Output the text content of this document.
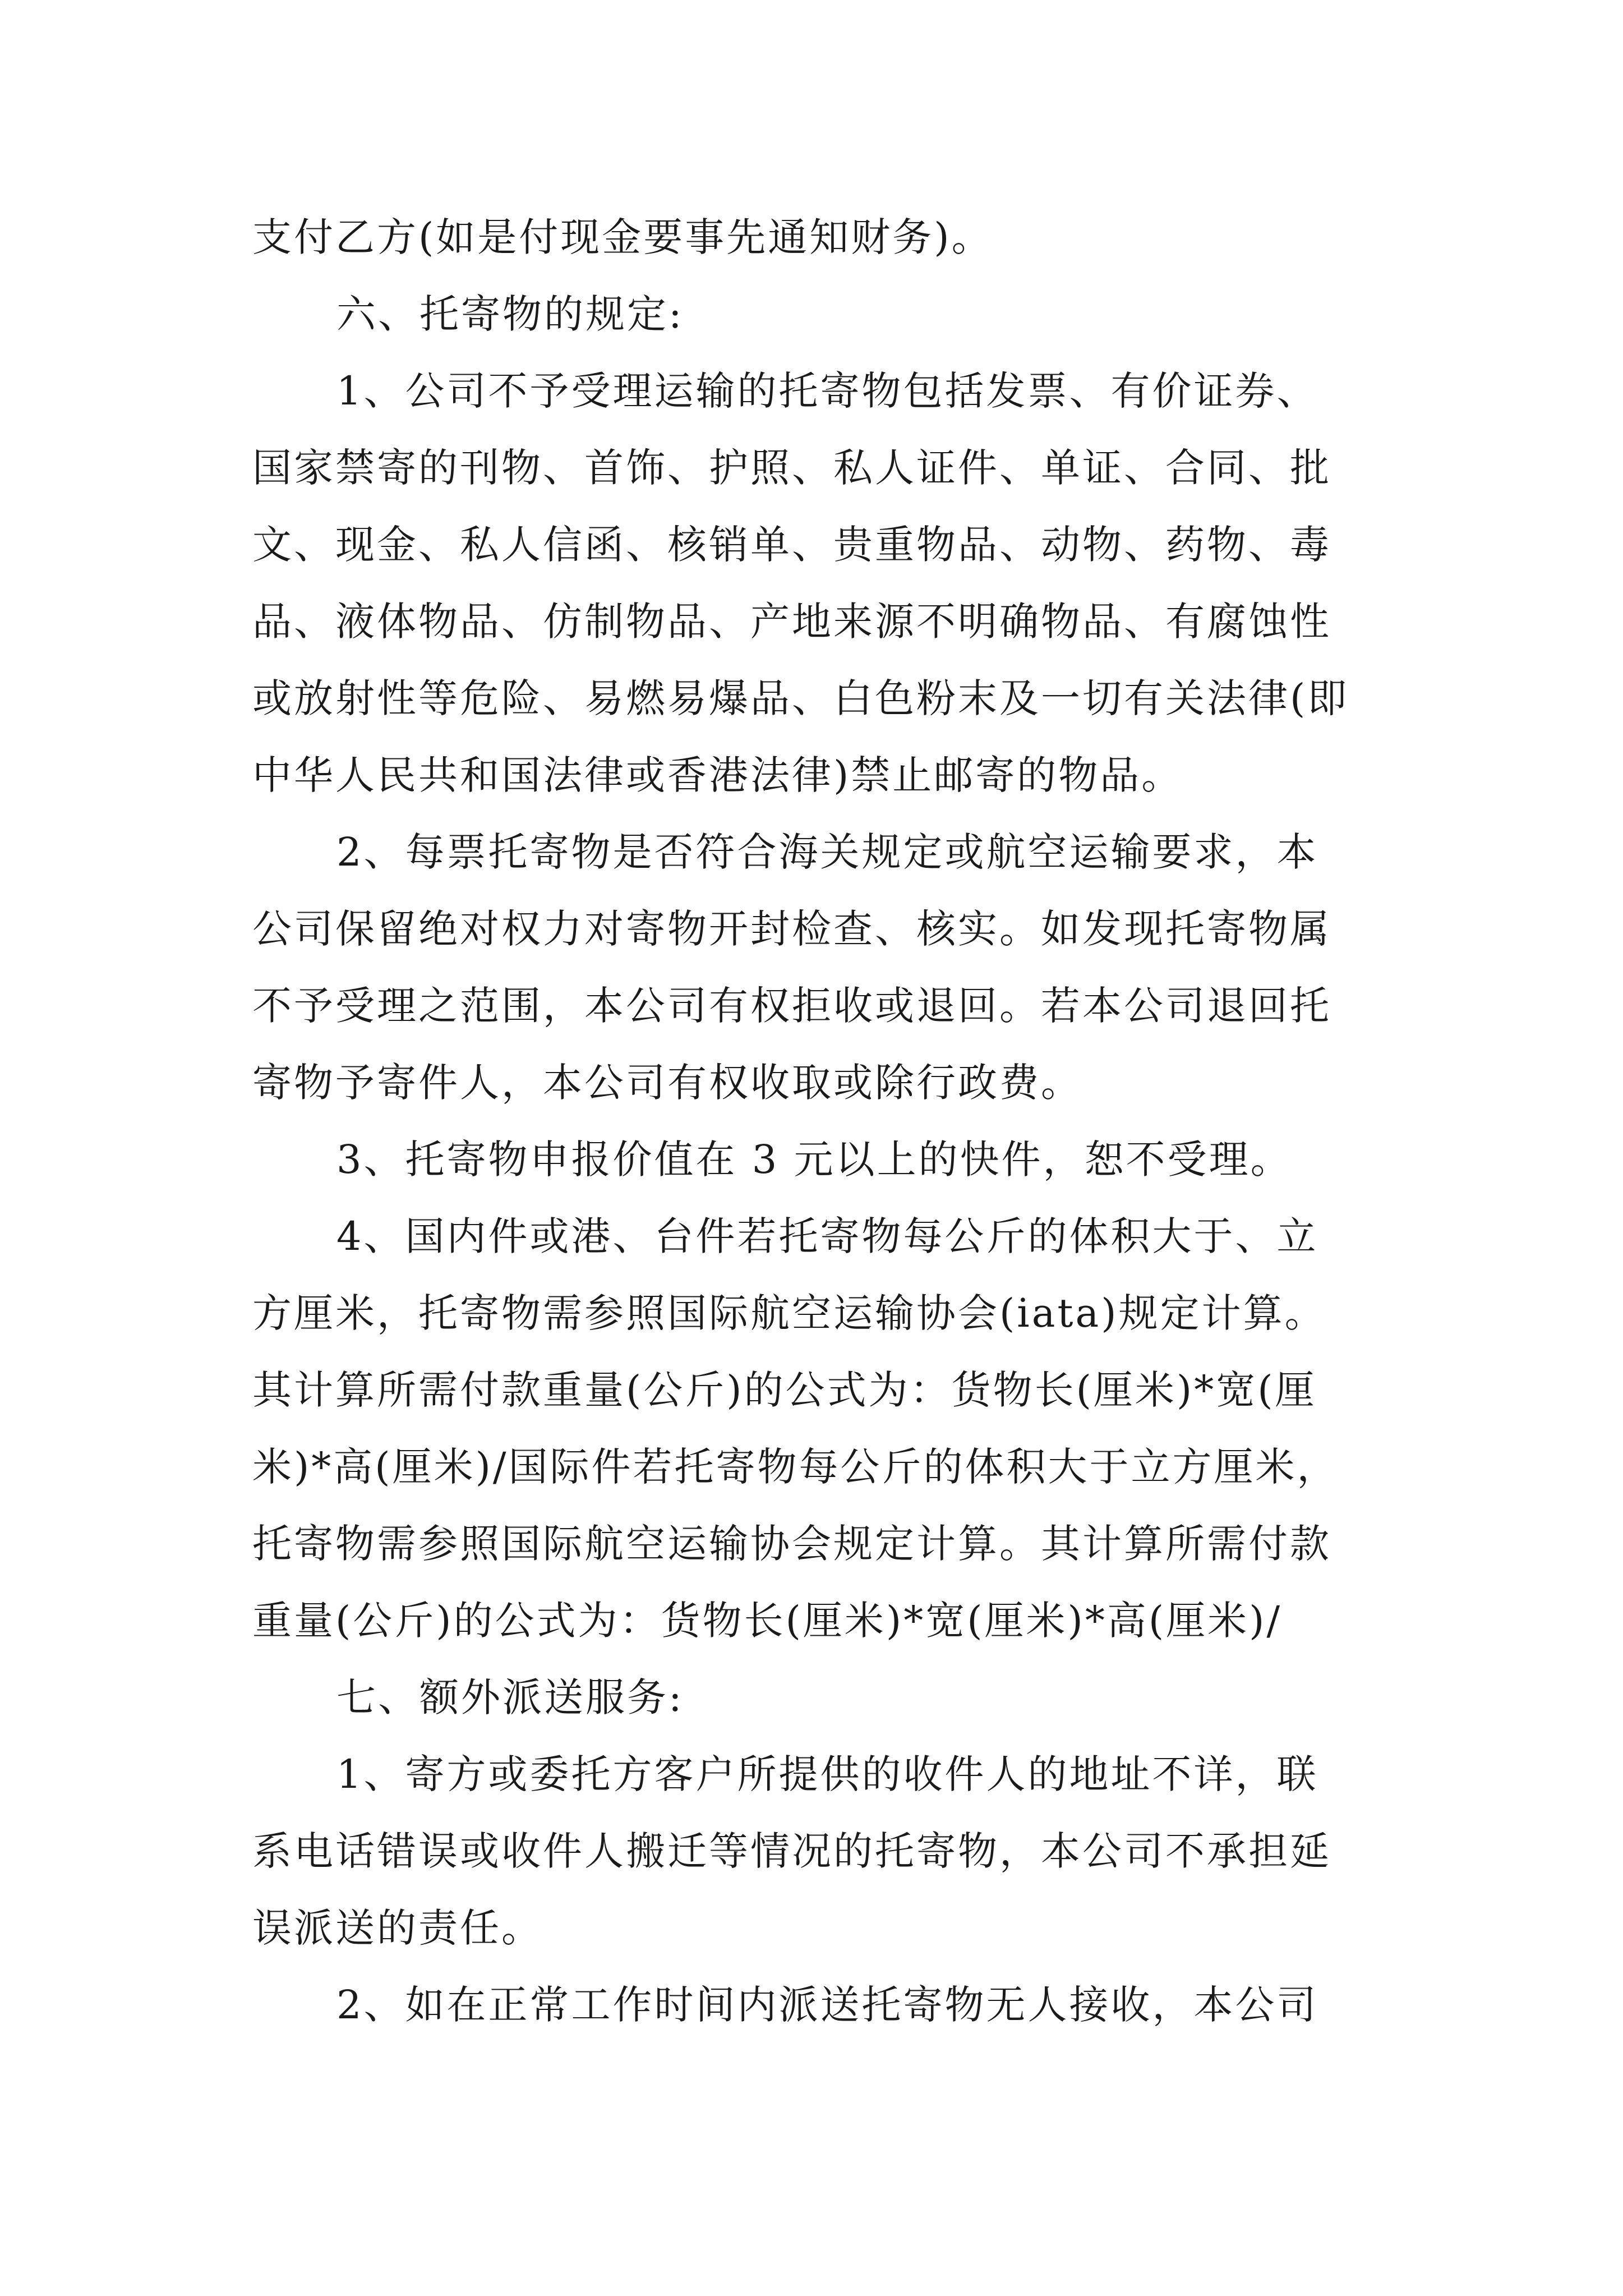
支付乙方(如是付现金要事先通知财务)。
六、托寄物的规定:
1、公司不予受理运输的托寄物包括发票、有价证券、
国家禁寄的刊物、首饰、护照、私人证件、单证、合同、批
文、现金、私人信函、核销单、贵重物品、动物、药物、毒
品、液体物品、仿制物品、产地来源不明确物品、有腐蚀性
或放射性等危险、易燃易爆品、白色粉末及一切有关法律(即
中华人民共和国法律或香港法律)禁止邮寄的物品。
2、每票托寄物是否符合海关规定或航空运输要求，本
公司保留绝对权力对寄物开封检查、核实。如发现托寄物属
不予受理之范围，本公司有权拒收或退回。若本公司退回托
寄物予寄件人，本公司有权收取或除行政费。
3、托寄物申报价值在 3 元以上的快件，恕不受理。
4、国内件或港、台件若托寄物每公斤的体积大于、立
方厘米，托寄物需参照国际航空运输协会(iata)规定计算。
其计算所需付款重量(公斤)的公式为：货物长(厘米)*宽(厘
米)*高(厘米)/国际件若托寄物每公斤的体积大于立方厘米，
托寄物需参照国际航空运输协会规定计算。其计算所需付款
重量(公斤)的公式为：货物长(厘米)*宽(厘米)*高(厘米)/
七、额外派送服务:
1、寄方或委托方客户所提供的收件人的地址不详，联
系电话错误或收件人搬迁等情况的托寄物，本公司不承担延
误派送的责任。
2、如在正常工作时间内派送托寄物无人接收，本公司
